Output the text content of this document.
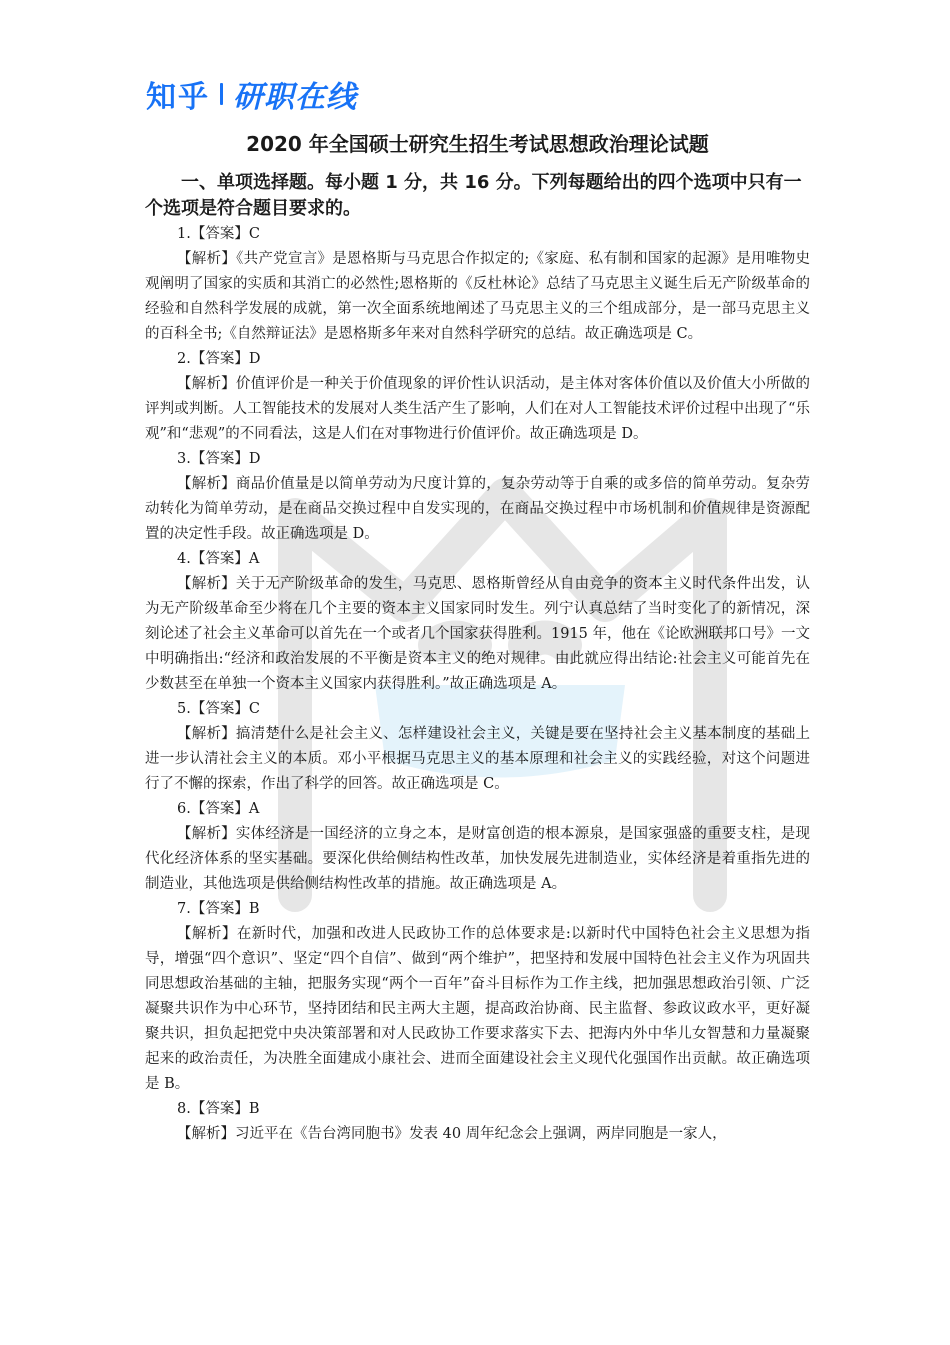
知乎 研职在线
2020 年全国硕士研究生招生考试思想政治理论试题

一、单项选择题。每小题 1 分，共 16 分。下列每题给出的四个选项中只有一个选项是符合题目要求的。

1.【答案】C

【解析】《共产党宣言》是恩格斯与马克思合作拟定的;《家庭、私有制和国家的起源》是用唯物史观阐明了国家的实质和其消亡的必然性;恩格斯的《反杜林论》总结了马克思主义诞生后无产阶级革命的经验和自然科学发展的成就，第一次全面系统地阐述了马克思主义的三个组成部分，是一部马克思主义的百科全书;《自然辩证法》是恩格斯多年来对自然科学研究的总结。故正确选项是 C。

2.【答案】D

【解析】价值评价是一种关于价值现象的评价性认识活动，是主体对客体价值以及价值大小所做的评判或判断。人工智能技术的发展对人类生活产生了影响，人们在对人工智能技术评价过程中出现了“乐观”和“悲观”的不同看法，这是人们在对事物进行价值评价。故正确选项是 D。

3.【答案】D

【解析】商品价值量是以简单劳动为尺度计算的，复杂劳动等于自乘的或多倍的简单劳动。复杂劳动转化为简单劳动，是在商品交换过程中自发实现的，在商品交换过程中市场机制和价值规律是资源配置的决定性手段。故正确选项是 D。

4.【答案】A

【解析】关于无产阶级革命的发生，马克思、恩格斯曾经从自由竞争的资本主义时代条件出发，认为无产阶级革命至少将在几个主要的资本主义国家同时发生。列宁认真总结了当时变化了的新情况，深刻论述了社会主义革命可以首先在一个或者几个国家获得胜利。1915 年，他在《论欧洲联邦口号》一文中明确指出:“经济和政治发展的不平衡是资本主义的绝对规律。由此就应得出结论:社会主义可能首先在少数甚至在单独一个资本主义国家内获得胜利。”故正确选项是 A。

5.【答案】C

【解析】搞清楚什么是社会主义、怎样建设社会主义，关键是要在坚持社会主义基本制度的基础上进一步认清社会主义的本质。邓小平根据马克思主义的基本原理和社会主义的实践经验，对这个问题进行了不懈的探索，作出了科学的回答。故正确选项是 C。

6.【答案】A

【解析】实体经济是一国经济的立身之本，是财富创造的根本源泉，是国家强盛的重要支柱，是现代化经济体系的坚实基础。要深化供给侧结构性改革，加快发展先进制造业，实体经济是着重指先进的制造业，其他选项是供给侧结构性改革的措施。故正确选项是 A。

7.【答案】B

【解析】在新时代，加强和改进人民政协工作的总体要求是:以新时代中国特色社会主义思想为指导，增强“四个意识”、坚定“四个自信”、做到“两个维护”，把坚持和发展中国特色社会主义作为巩固共同思想政治基础的主轴，把服务实现“两个一百年”奋斗目标作为工作主线，把加强思想政治引领、广泛凝聚共识作为中心环节，坚持团结和民主两大主题，提高政治协商、民主监督、参政议政水平，更好凝聚共识，担负起把党中央决策部署和对人民政协工作要求落实下去、把海内外中华儿女智慧和力量凝聚起来的政治责任，为决胜全面建成小康社会、进而全面建设社会主义现代化强国作出贡献。故正确选项是 B。

8.【答案】B

【解析】习近平在《告台湾同胞书》发表 40 周年纪念会上强调，两岸同胞是一家人，
